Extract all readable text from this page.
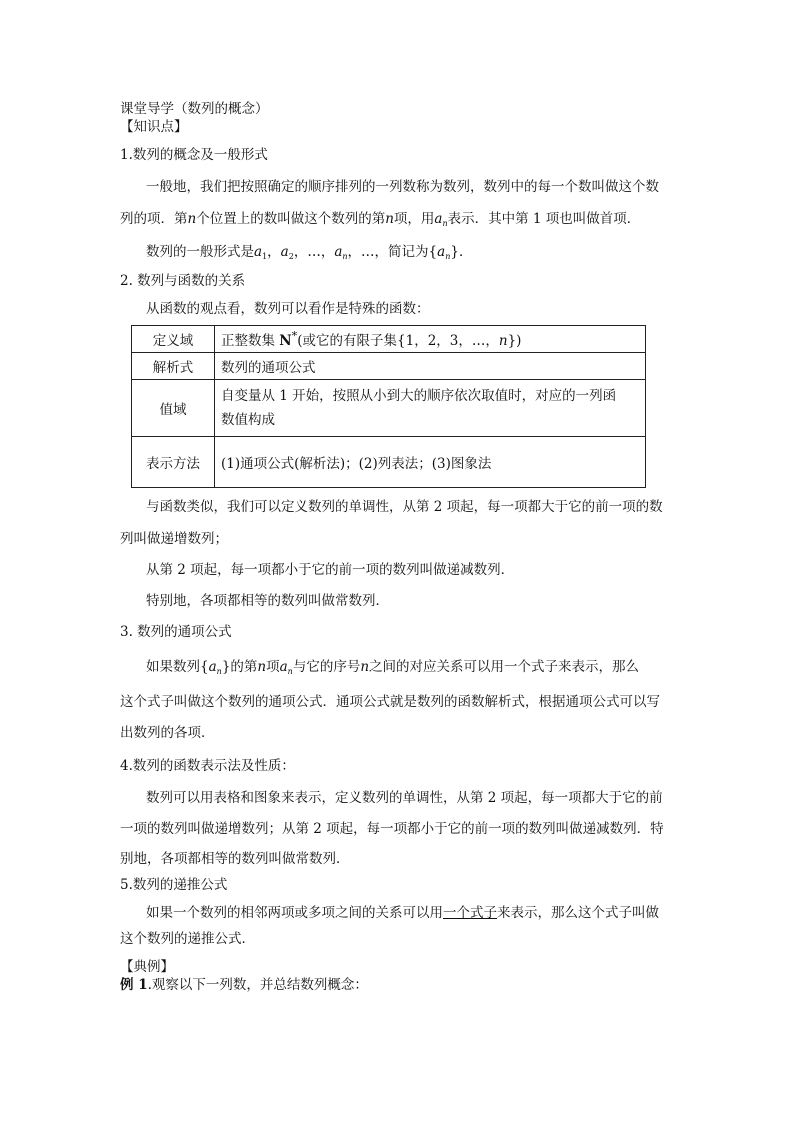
课堂导学（数列的概念）
【知识点】
1.数列的概念及一般形式
一般地，我们把按照确定的顺序排列的一列数称为数列，数列中的每一个数叫做这个数
列的项．第n个位置上的数叫做这个数列的第n项，用$a_n$表示．其中第 1 项也叫做首项．
数列的一般形式是$a_1$，$a_2$，…，$a_n$，…，简记为$\{a_n\}$．
2. 数列与函数的关系
从函数的观点看，数列可以看作是特殊的函数：
定义域	正整数集 N*(或它的有限子集{1，2，3，…，n})
解析式	数列的通项公式
值域	自变量从 1 开始，按照从小到大的顺序依次取值时，对应的一列函
数值构成
表示方法	(1)通项公式(解析法)；(2)列表法；(3)图象法
与函数类似，我们可以定义数列的单调性，从第 2 项起，每一项都大于它的前一项的数
列叫做递增数列；
从第 2 项起，每一项都小于它的前一项的数列叫做递减数列．
特别地，各项都相等的数列叫做常数列．
3. 数列的通项公式
如果数列$\{a_n\}$的第n项$a_n$与它的序号n之间的对应关系可以用一个式子来表示，那么
这个式子叫做这个数列的通项公式．通项公式就是数列的函数解析式，根据通项公式可以写
出数列的各项．
4.数列的函数表示法及性质：
数列可以用表格和图象来表示，定义数列的单调性，从第 2 项起，每一项都大于它的前
一项的数列叫做递增数列；从第 2 项起，每一项都小于它的前一项的数列叫做递减数列．特
别地，各项都相等的数列叫做常数列．
5.数列的递推公式
如果一个数列的相邻两项或多项之间的关系可以用一个式子来表示，那么这个式子叫做
这个数列的递推公式．
【典例】
例 1.观察以下一列数，并总结数列概念：
